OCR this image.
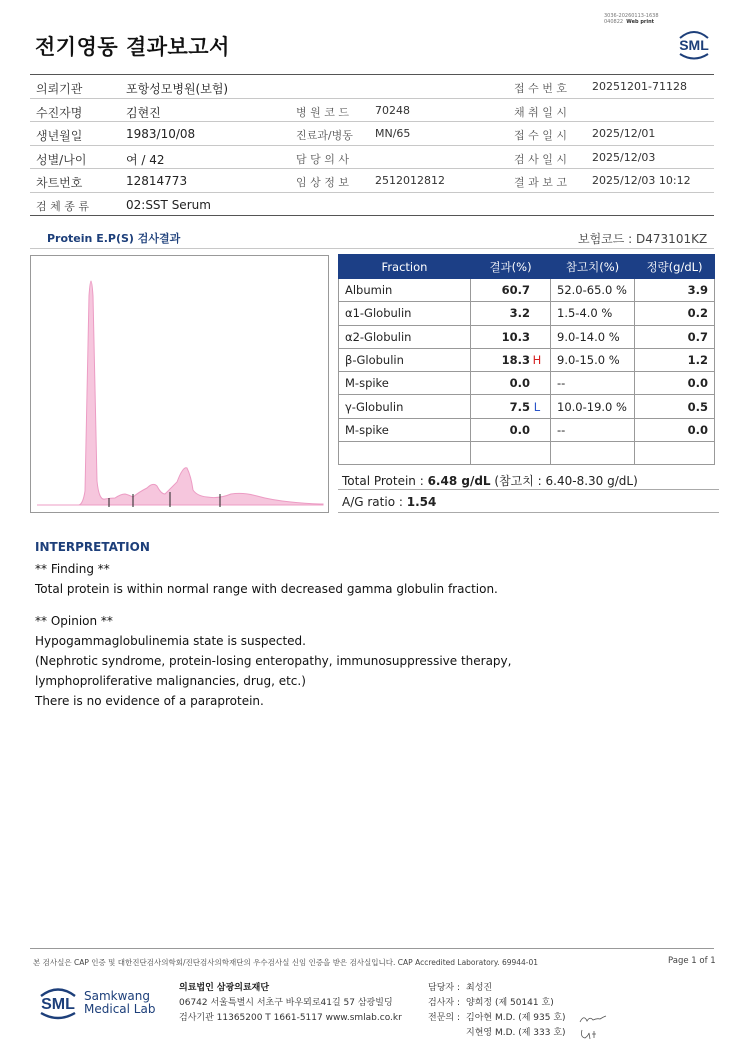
3036-20260113-1638
040822 Web print
전기영동 결과보고서	SML
의뢰기관	포항성모병원(보험)	접 수 번 호 20251201-71128
수진자명	김현진	병 원 코 드 70248	채 취 일 시
생년월일	1983/10/08	진료과/병동 MN/65	접 수 일 시 2025/12/01
성별/나이	여 / 42	담 당 의 사	검 사 일 시 2025/12/03
차트번호	12814773	임 상 정 보 2512012812	결 과 보 고 2025/12/03 10:12
검 체 종 류	02:SST Serum
Protein E.P(S) 검사결과	보험코드 : D473101KZ
Fraction	결과(%)	참고치(%)	정량(g/dL)
Albumin	60.7	52.0-65.0 %	3.9
α1-Globulin	3.2	1.5-4.0 %	0.2
α2-Globulin	10.3	9.0-14.0 %	0.7
β-Globulin	18.3 H	9.0-15.0 %	1.2
M-spike	0.0	--	0.0
γ-Globulin	7.5 L	10.0-19.0 %	0.5
M-spike	0.0	--	0.0

Total Protein : 6.48 g/dL (참고치 : 6.40-8.30 g/dL)
A/G ratio : 1.54
INTERPRETATION
** Finding **
Total protein is within normal range with decreased gamma globulin fraction.
** Opinion **
Hypogammaglobulinemia state is suspected.
(Nephrotic syndrome, protein-losing enteropathy, immunosuppressive therapy,
lymphoproliferative malignancies, drug, etc.)
There is no evidence of a paraprotein.
본 검사실은 CAP 인증 및 대한진단검사의학회/진단검사의학재단의 우수검사실 신임 인증을 받은 검사실입니다. CAP Accredited Laboratory. 69944-01	Page 1 of 1
SML Samkwang
Medical Lab
의료법인 삼광의료재단
06742 서울특별시 서초구 바우뫼로41길 57 삼광빌딩
검사기관 11365200 T 1661-5117 www.smlab.co.kr
담당자 : 최성진
검사자 : 양희정 (제 50141 호)
전문의 : 김아현 M.D. (제 935 호)
지현영 M.D. (제 333 호)
